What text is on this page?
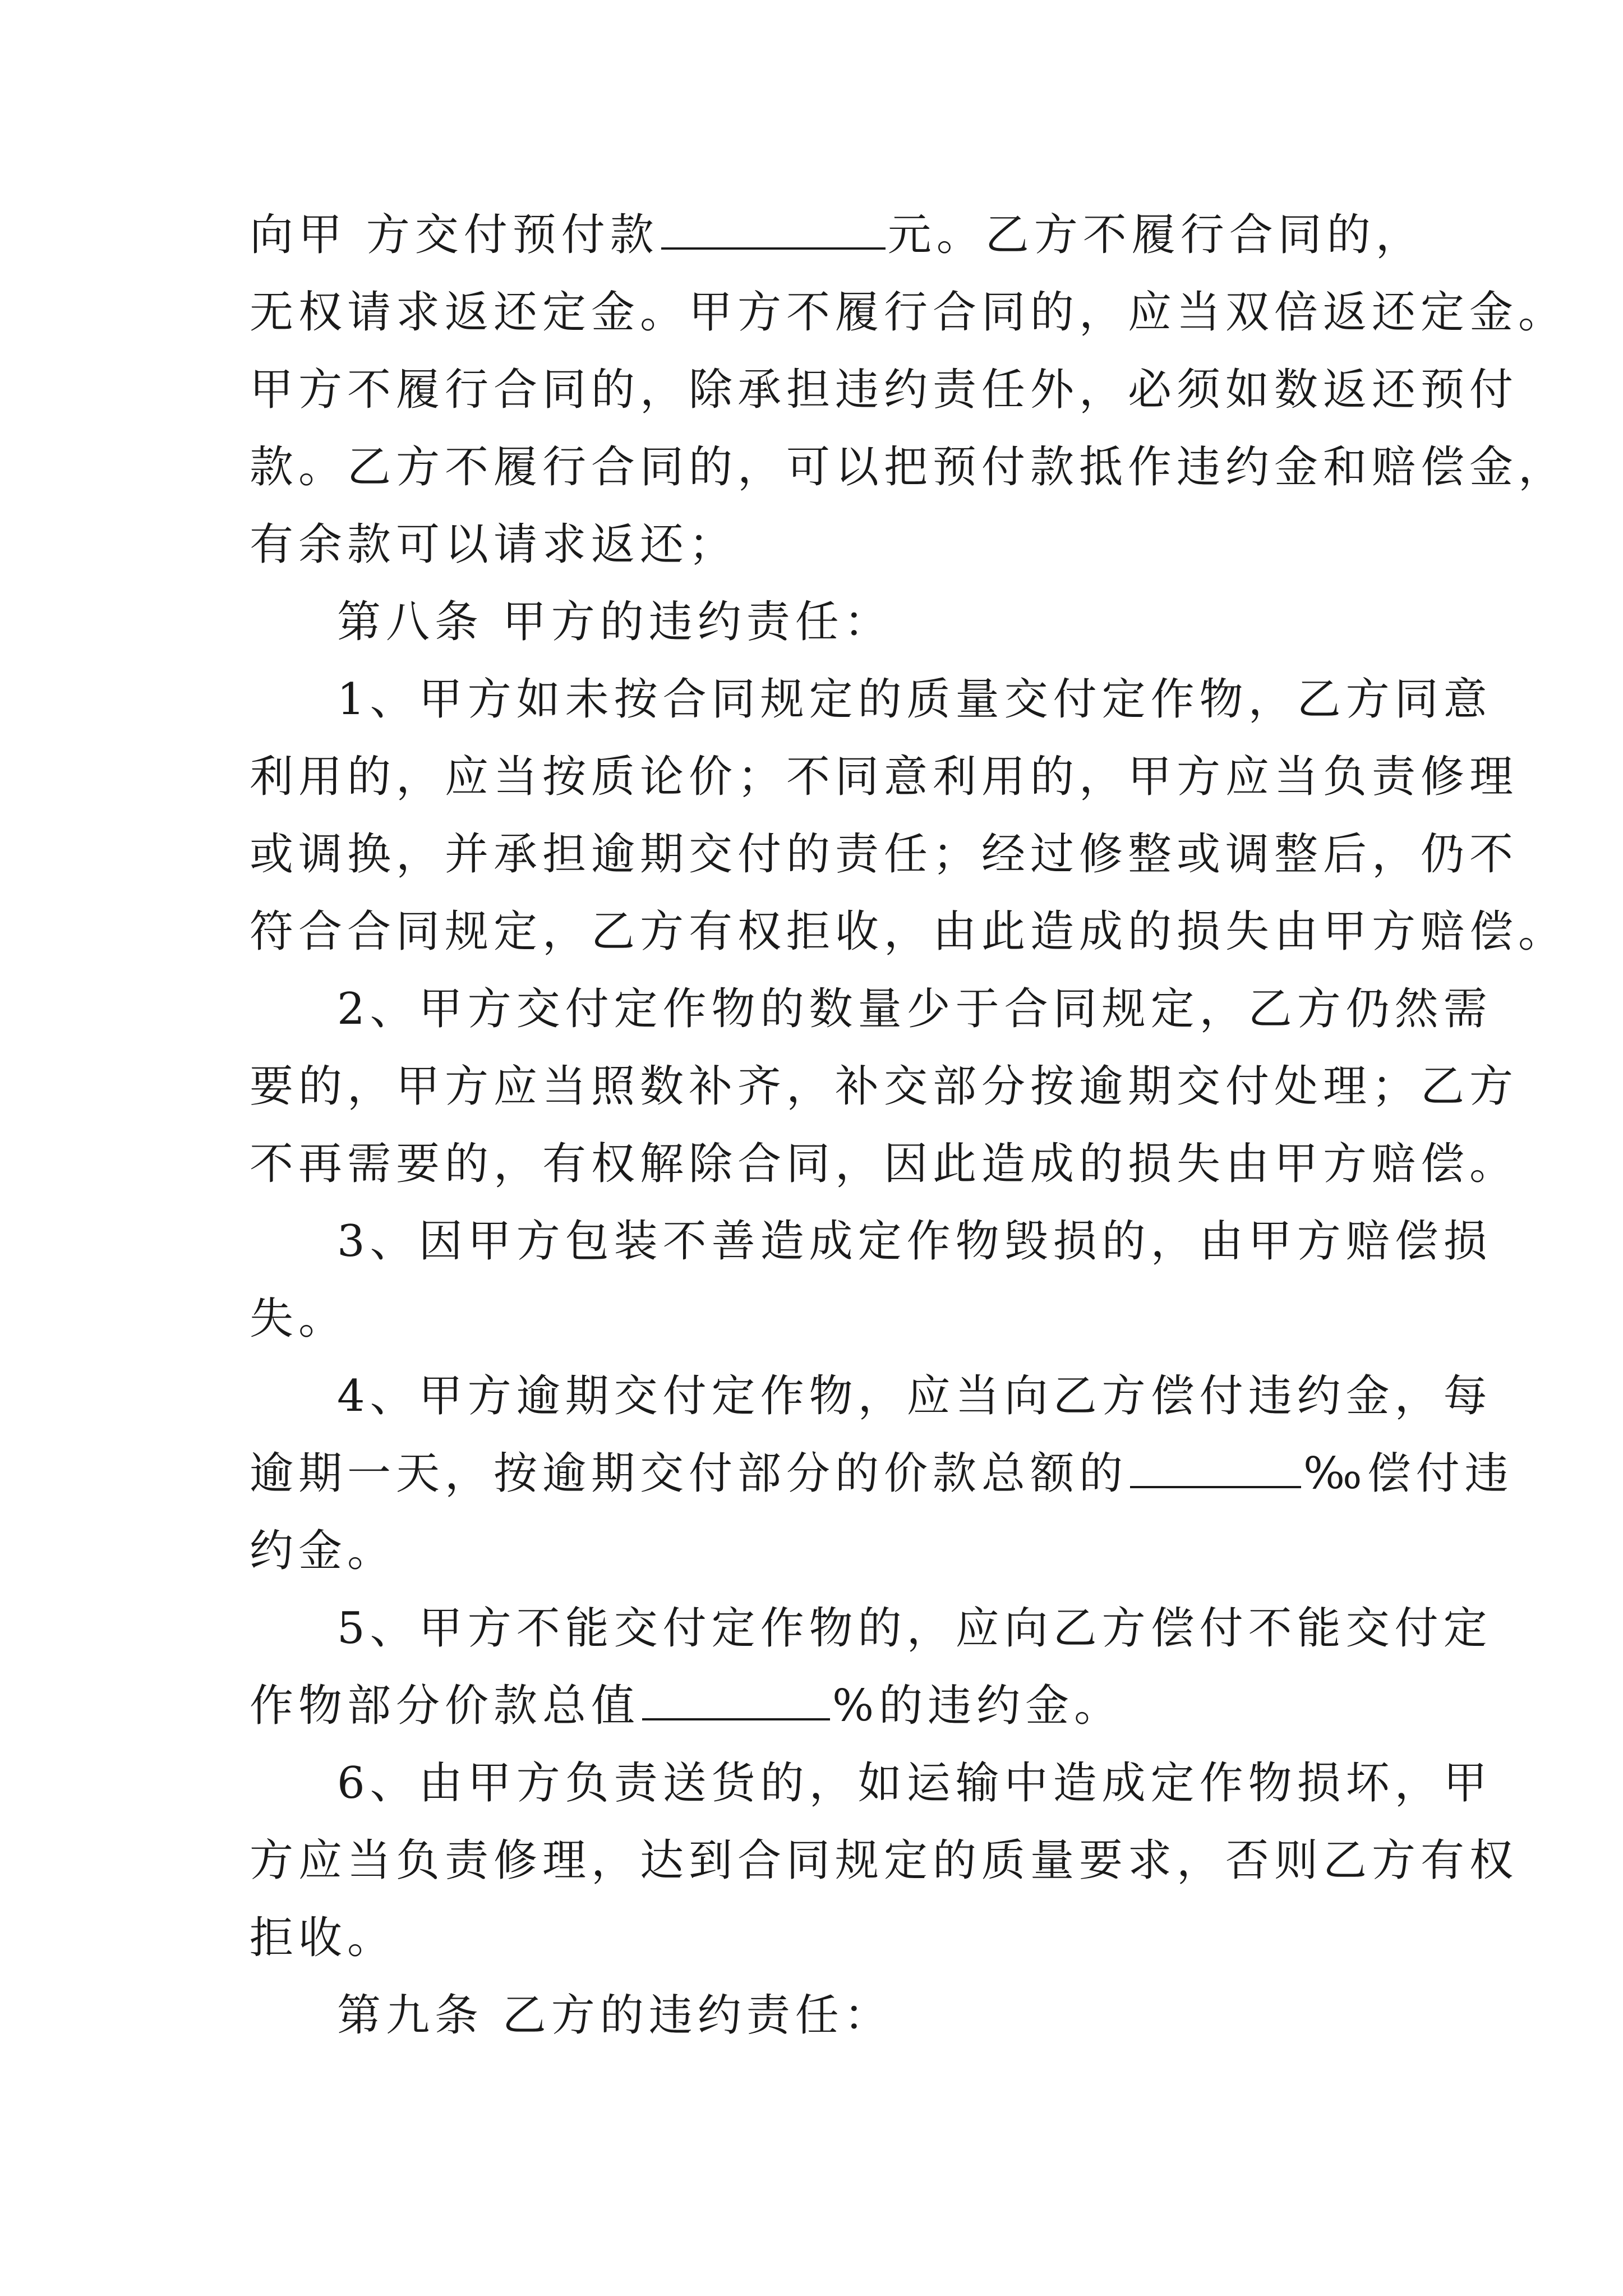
向甲 方交付预付款	元。乙方不履行合同的，
无权请求返还定金。甲方不履行合同的，应当双倍返还定金。
甲方不履行合同的，除承担违约责任外，必须如数返还预付
款。乙方不履行合同的，可以把预付款抵作违约金和赔偿金，
有余款可以请求返还；
第八条 甲方的违约责任：
1、甲方如未按合同规定的质量交付定作物，乙方同意
利用的，应当按质论价；不同意利用的，甲方应当负责修理
或调换，并承担逾期交付的责任；经过修整或调整后，仍不
符合合同规定，乙方有权拒收，由此造成的损失由甲方赔偿。
2、甲方交付定作物的数量少于合同规定，乙方仍然需
要的，甲方应当照数补齐，补交部分按逾期交付处理；乙方
不再需要的，有权解除合同，因此造成的损失由甲方赔偿。
3、因甲方包装不善造成定作物毁损的，由甲方赔偿损
失。
4、甲方逾期交付定作物，应当向乙方偿付违约金，每
逾期一天，按逾期交付部分的价款总额的	‰偿付违
约金。
5、甲方不能交付定作物的，应向乙方偿付不能交付定
作物部分价款总值	%的违约金。
6、由甲方负责送货的，如运输中造成定作物损坏，甲
方应当负责修理，达到合同规定的质量要求，否则乙方有权
拒收。
第九条 乙方的违约责任：
